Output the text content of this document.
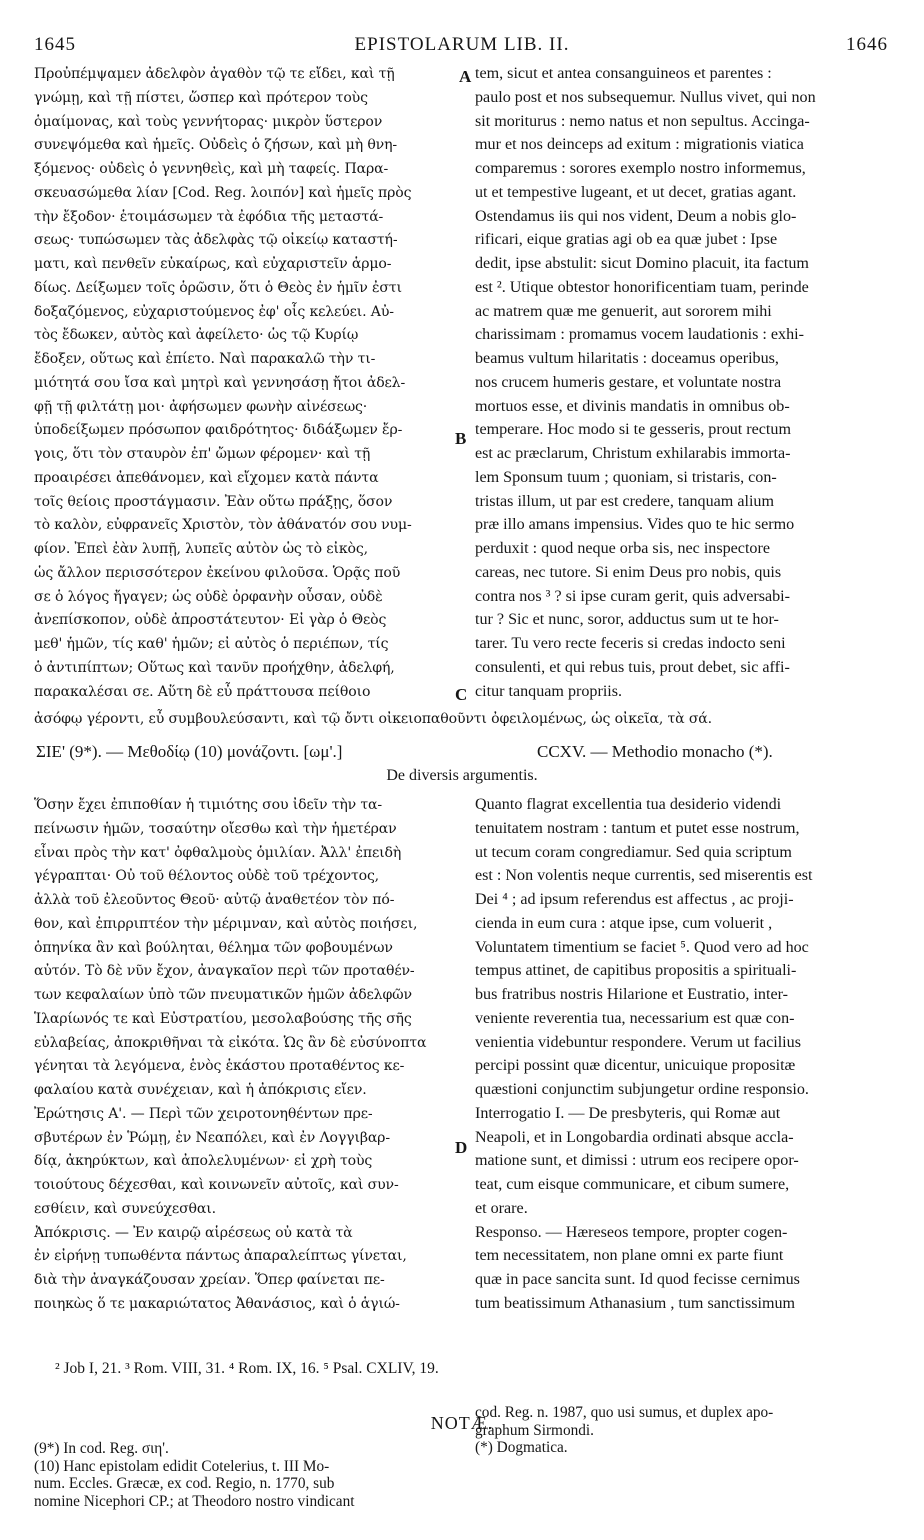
1645	EPISTOLARUM LIB. II.	1646
Προὐπέμψαμεν ἀδελφὸν ἀγαθὸν τῷ τε εἴδει, καὶ τῇ
γνώμῃ, καὶ τῇ πίστει, ὥσπερ καὶ πρότερον τοὺς
ὁμαίμονας, καὶ τοὺς γεννήτορας· μικρὸν ὕστερον
συνεψόμεθα καὶ ἡμεῖς. Οὐδεὶς ὁ ζήσων, καὶ μὴ θνη-
ξόμενος· οὐδεὶς ὁ γεννηθεὶς, καὶ μὴ ταφείς. Παρα-
σκευασώμεθα λίαν [Cod. Reg. λοιπόν] καὶ ἡμεῖς πρὸς
τὴν ἔξοδον· ἑτοιμάσωμεν τὰ ἐφόδια τῆς μεταστά-
σεως· τυπώσωμεν τὰς ἀδελφὰς τῷ οἰκείῳ καταστή-
ματι, καὶ πενθεῖν εὐκαίρως, καὶ εὐχαριστεῖν ἁρμο-
δίως. Δείξωμεν τοῖς ὁρῶσιν, ὅτι ὁ Θεὸς ἐν ἡμῖν ἐστι
δοξαζόμενος, εὐχαριστούμενος ἐφ' οἷς κελεύει. Αὐ-
τὸς ἔδωκεν, αὐτὸς καὶ ἀφείλετο· ὡς τῷ Κυρίῳ
ἔδοξεν, οὕτως καὶ ἐπίετο. Ναὶ παρακαλῶ τὴν τι-
μιότητά σου ἴσα καὶ μητρὶ καὶ γεννησάσῃ ἤτοι ἀδελ-
φῇ τῇ φιλτάτῃ μοι· ἀφήσωμεν φωνὴν αἰνέσεως·
ὑποδείξωμεν πρόσωπον φαιδρότητος· διδάξωμεν ἔρ-
γοις, ὅτι τὸν σταυρὸν ἐπ' ὤμων φέρομεν· καὶ τῇ
προαιρέσει ἀπεθάνομεν, καὶ εἴχομεν κατὰ πάντα
τοῖς θείοις προστάγμασιν. Ἐὰν οὕτω πράξῃς, ὅσον
τὸ καλὸν, εὐφρανεῖς Χριστὸν, τὸν ἀθάνατόν σου νυμ-
φίον. Ἐπεὶ ἐὰν λυπῇ, λυπεῖς αὐτὸν ὡς τὸ εἰκὸς,
ὡς ἄλλον περισσότερον ἐκείνου φιλοῦσα. Ὁρᾷς ποῦ
σε ὁ λόγος ἤγαγεν; ὡς οὐδὲ ὀρφανὴν οὖσαν, οὐδὲ
ἀνεπίσκοπον, οὐδὲ ἀπροστάτευτον· Εἰ γὰρ ὁ Θεὸς
μεθ' ἡμῶν, τίς καθ' ἡμῶν; εἰ αὐτὸς ὁ περιέπων, τίς
ὁ ἀντιπίπτων; Οὕτως καὶ τανῦν προήχθην, ἀδελφή,
παρακαλέσαι σε. Αὕτη δὲ εὖ πράττουσα πείθοιο
tem, sicut et antea consanguineos et parentes :
paulo post et nos subsequemur. Nullus vivet, qui non
sit moriturus : nemo natus et non sepultus. Accinga-
mur et nos deinceps ad exitum : migrationis viatica
comparemus : sorores exemplo nostro informemus,
ut et tempestive lugeant, et ut decet, gratias agant.
Ostendamus iis qui nos vident, Deum a nobis glo-
rificari, eique gratias agi ob ea quæ jubet : Ipse
dedit, ipse abstulit: sicut Domino placuit, ita factum
est ². Utique obtestor honorificentiam tuam, perinde
ac matrem quæ me genuerit, aut sororem mihi
charissimam : promamus vocem laudationis : exhi-
beamus vultum hilaritatis : doceamus operibus,
nos crucem humeris gestare, et voluntate nostra
mortuos esse, et divinis mandatis in omnibus ob-
temperare. Hoc modo si te gesseris, prout rectum
est ac præclarum, Christum exhilarabis immorta-
lem Sponsum tuum ; quoniam, si tristaris, con-
tristas illum, ut par est credere, tanquam alium
præ illo amans impensius. Vides quo te hic sermo
perduxit : quod neque orba sis, nec inspectore
careas, nec tutore. Si enim Deus pro nobis, quis
contra nos ³ ? si ipse curam gerit, quis adversabi-
tur ? Sic et nunc, soror, adductus sum ut te hor-
tarer. Tu vero recte feceris si credas indocto seni
consulenti, et qui rebus tuis, prout debet, sic affi-
citur tanquam propriis.
A
B
C
D
ἀσόφῳ γέροντι, εὖ συμβουλεύσαντι, καὶ τῷ ὄντι οἰκειοπαθοῦντι ὀφειλομένως, ὡς οἰκεῖα, τὰ σά.
ΣΙΕ' (9*). — Μεθοδίῳ (10) μονάζοντι. [ωμ'.]	CCXV. — Methodio monacho (*).
De diversis argumentis.
Ὅσην ἔχει ἐπιποθίαν ἡ τιμιότης σου ἰδεῖν τὴν τα-
πείνωσιν ἡμῶν, τοσαύτην οἴεσθω καὶ τὴν ἡμετέραν
εἶναι πρὸς τὴν κατ' ὀφθαλμοὺς ὁμιλίαν. Ἀλλ' ἐπειδὴ
γέγραπται· Οὐ τοῦ θέλοντος οὐδὲ τοῦ τρέχοντος,
ἀλλὰ τοῦ ἐλεοῦντος Θεοῦ· αὐτῷ ἀναθετέον τὸν πό-
θον, καὶ ἐπιρριπτέον τὴν μέριμναν, καὶ αὐτὸς ποιήσει,
ὁπηνίκα ἂν καὶ βούληται, θέλημα τῶν φοβουμένων
αὐτόν. Τὸ δὲ νῦν ἔχον, ἀναγκαῖον περὶ τῶν προταθέν-
των κεφαλαίων ὑπὸ τῶν πνευματικῶν ἡμῶν ἀδελφῶν
Ἱλαρίωνός τε καὶ Εὐστρατίου, μεσολαβούσης τῆς σῆς
εὐλαβείας, ἀποκριθῆναι τὰ εἰκότα. Ὡς ἂν δὲ εὐσύνοπτα
γένηται τὰ λεγόμενα, ἑνὸς ἑκάστου προταθέντος κε-
φαλαίου κατὰ συνέχειαν, καὶ ἡ ἀπόκρισις εἴεν.
Ἐρώτησις Α'. — Περὶ τῶν χειροτονηθέντων πρε-
σβυτέρων ἐν Ῥώμῃ, ἐν Νεαπόλει, καὶ ἐν Λογγιβαρ-
δίᾳ, ἀκηρύκτων, καὶ ἀπολελυμένων· εἰ χρὴ τοὺς
τοιούτους δέχεσθαι, καὶ κοινωνεῖν αὐτοῖς, καὶ συν-
εσθίειν, καὶ συνεύχεσθαι.
Ἀπόκρισις. — Ἐν καιρῷ αἱρέσεως οὐ κατὰ τὰ
ἐν εἰρήνῃ τυπωθέντα πάντως ἀπαραλείπτως γίνεται,
διὰ τὴν ἀναγκάζουσαν χρείαν. Ὅπερ φαίνεται πε-
ποιηκὼς ὅ τε μακαριώτατος Ἀθανάσιος, καὶ ὁ ἁγιώ-
Quanto flagrat excellentia tua desiderio videndi
tenuitatem nostram : tantum et putet esse nostrum,
ut tecum coram congrediamur. Sed quia scriptum
est : Non volentis neque currentis, sed miserentis est
Dei ⁴ ; ad ipsum referendus est affectus , ac proji-
cienda in eum cura : atque ipse, cum voluerit ,
Voluntatem timentium se faciet ⁵. Quod vero ad hoc
tempus attinet, de capitibus propositis a spirituali-
bus fratribus nostris Hilarione et Eustratio, inter-
veniente reverentia tua, necessarium est quæ con-
venientia videbuntur respondere. Verum ut facilius
percipi possint quæ dicentur, unicuique propositæ
quæstioni conjunctim subjungetur ordine responsio.
Interrogatio I. — De presbyteris, qui Romæ aut
Neapoli, et in Longobardia ordinati absque accla-
matione sunt, et dimissi : utrum eos recipere opor-
teat, cum eisque communicare, et cibum sumere,
et orare.
Responso. — Hæreseos tempore, propter cogen-
tem necessitatem, non plane omni ex parte fiunt
quæ in pace sancita sunt. Id quod fecisse cernimus
tum beatissimum Athanasium , tum sanctissimum
² Job I, 21. ³ Rom. VIII, 31. ⁴ Rom. IX, 16. ⁵ Psal. CXLIV, 19.
NOTÆ.
(9*) In cod. Reg. σιη'.
(10) Hanc epistolam edidit Cotelerius, t. III Mo-
num. Eccles. Græcæ, ex cod. Regio, n. 1770, sub
nomine Nicephori CP.; at Theodoro nostro vindicant
cod. Reg. n. 1987, quo usi sumus, et duplex apo-
graphum Sirmondi.
(*) Dogmatica.
